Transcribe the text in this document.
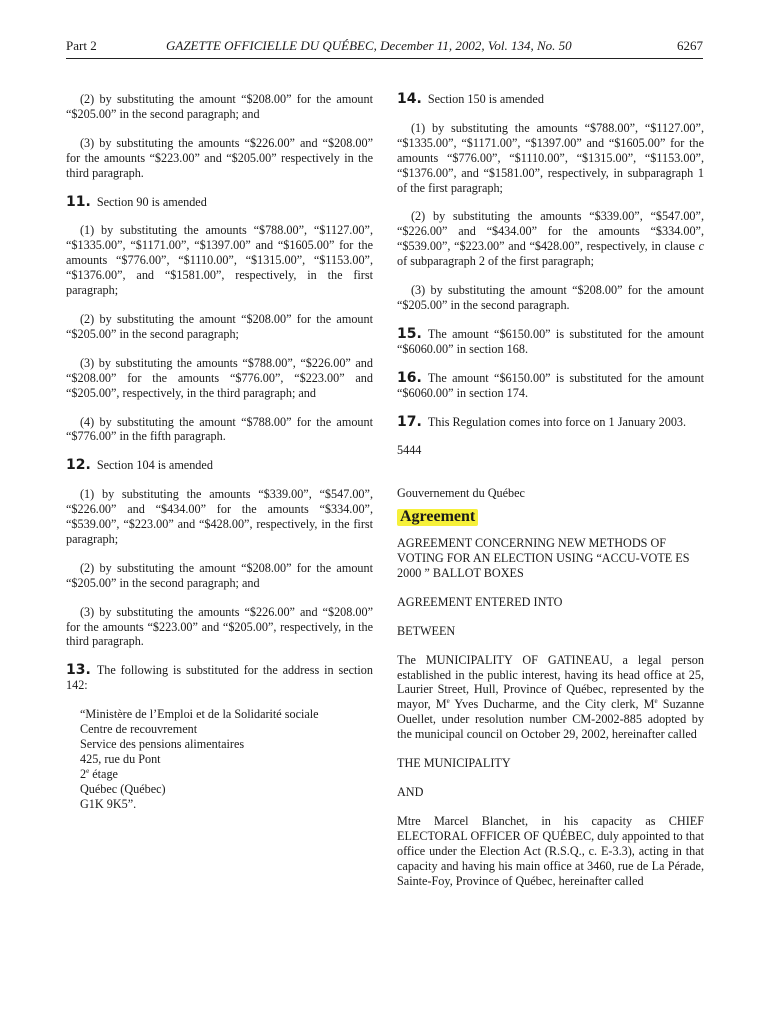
Part 2	GAZETTE OFFICIELLE DU QUÉBEC, December 11, 2002, Vol. 134, No. 50	6267

(2) by substituting the amount “$208.00” for the amount “$205.00” in the second paragraph; and

(3) by substituting the amounts “$226.00” and “$208.00” for the amounts “$223.00” and “$205.00” respectively in the third paragraph.

11. Section 90 is amended

(1) by substituting the amounts “$788.00”, “$1127.00”, “$1335.00”, “$1171.00”, “$1397.00” and “$1605.00” for the amounts “$776.00”, “$1110.00”, “$1315.00”, “$1153.00”, “$1376.00”, and “$1581.00”, respectively, in the first paragraph;

(2) by substituting the amount “$208.00” for the amount “$205.00” in the second paragraph;

(3) by substituting the amounts “$788.00”, “$226.00” and “$208.00” for the amounts “$776.00”, “$223.00” and “$205.00”, respectively, in the third paragraph; and

(4) by substituting the amount “$788.00” for the amount “$776.00” in the fifth paragraph.

12. Section 104 is amended

(1) by substituting the amounts “$339.00”, “$547.00”, “$226.00” and “$434.00” for the amounts “$334.00”, “$539.00”, “$223.00” and “$428.00”, respectively, in the first paragraph;

(2) by substituting the amount “$208.00” for the amount “$205.00” in the second paragraph; and

(3) by substituting the amounts “$226.00” and “$208.00” for the amounts “$223.00” and “$205.00”, respectively, in the third paragraph.

13. The following is substituted for the address in section 142:

“Ministère de l’Emploi et de la Solidarité sociale
Centre de recouvrement
Service des pensions alimentaires
425, rue du Pont
2e étage
Québec (Québec)
G1K 9K5”.

14. Section 150 is amended

(1) by substituting the amounts “$788.00”, “$1127.00”, “$1335.00”, “$1171.00”, “$1397.00” and “$1605.00” for the amounts “$776.00”, “$1110.00”, “$1315.00”, “$1153.00”, “$1376.00”, and “$1581.00”, respectively, in subparagraph 1 of the first paragraph;

(2) by substituting the amounts “$339.00”, “$547.00”, “$226.00” and “$434.00” for the amounts “$334.00”, “$539.00”, “$223.00” and “$428.00”, respectively, in clause c of subparagraph 2 of the first paragraph;

(3) by substituting the amount “$208.00” for the amount “$205.00” in the second paragraph.

15. The amount “$6150.00” is substituted for the amount “$6060.00” in section 168.

16. The amount “$6150.00” is substituted for the amount “$6060.00” in section 174.

17. This Regulation comes into force on 1 January 2003.

5444

Gouvernement du Québec

Agreement

AGREEMENT CONCERNING NEW METHODS OF VOTING FOR AN ELECTION USING “ACCU-VOTE ES 2000 ” BALLOT BOXES

AGREEMENT ENTERED INTO

BETWEEN

The MUNICIPALITY OF GATINEAU, a legal person established in the public interest, having its head office at 25, Laurier Street, Hull, Province of Québec, represented by the mayor, Me Yves Ducharme, and the City clerk, Me Suzanne Ouellet, under resolution number CM-2002-885 adopted by the municipal council on October 29, 2002, hereinafter called

THE MUNICIPALITY

AND

Mtre Marcel Blanchet, in his capacity as CHIEF ELECTORAL OFFICER OF QUÉBEC, duly appointed to that office under the Election Act (R.S.Q., c. E-3.3), acting in that capacity and having his main office at 3460, rue de La Pérade, Sainte-Foy, Province of Québec, hereinafter called
